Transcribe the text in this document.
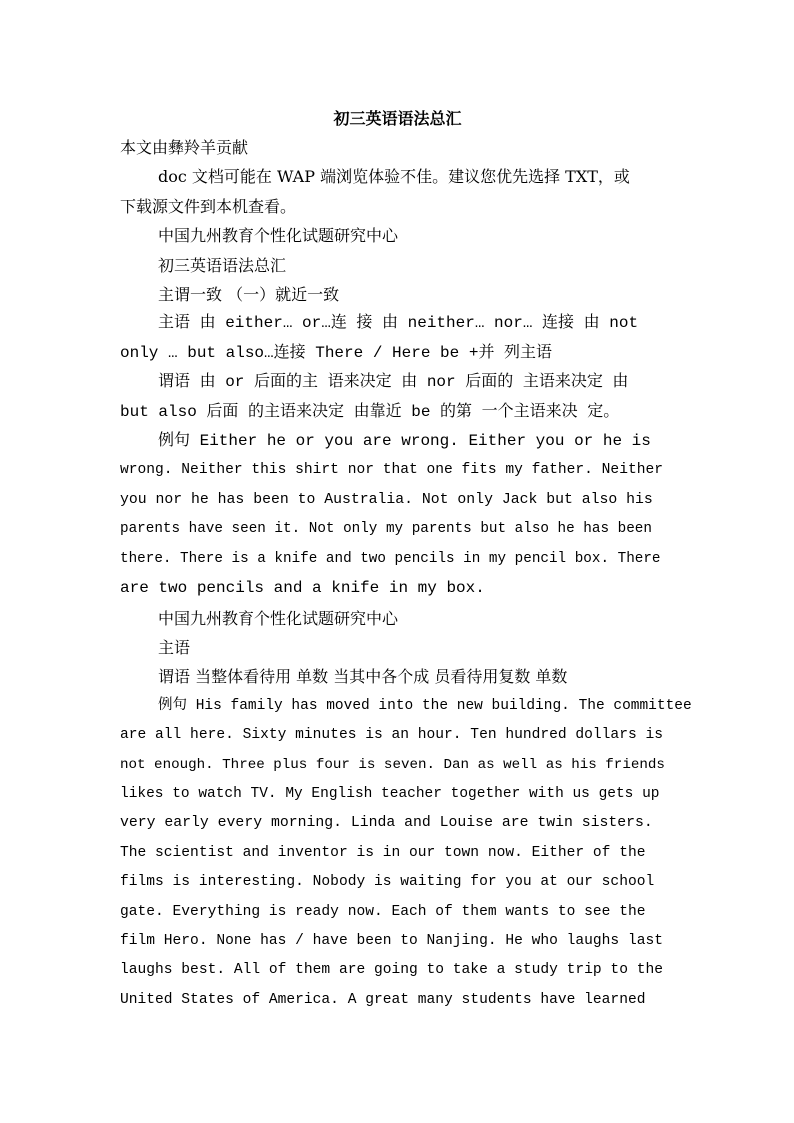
初三英语语法总汇
本文由彝羚羊贡献
doc 文档可能在 WAP 端浏览体验不佳。建议您优先选择 TXT，或
下载源文件到本机查看。
中国九州教育个性化试题研究中心
初三英语语法总汇
主谓一致 （一）就近一致
主语 由 either… or…连 接 由 neither… nor… 连接 由 not
only … but also…连接 There / Here be +并 列主语
谓语 由 or 后面的主 语来决定 由 nor 后面的 主语来决定 由
but also 后面 的主语来决定 由靠近 be 的第 一个主语来决 定。
例句 Either he or you are wrong. Either you or he is
wrong. Neither this shirt nor that one fits my father. Neither
you nor he has been to Australia. Not only Jack but also his
parents have seen it. Not only my parents but also he has been
there. There is a knife and two pencils in my pencil box. There
are two pencils and a knife in my box.
中国九州教育个性化试题研究中心
主语
谓语 当整体看待用 单数 当其中各个成 员看待用复数 单数
例句 His family has moved into the new building. The committee
are all here. Sixty minutes is an hour. Ten hundred dollars is
not enough. Three plus four is seven. Dan as well as his friends
likes to watch TV. My English teacher together with us gets up
very early every morning. Linda and Louise are twin sisters.
The scientist and inventor is in our town now. Either of the
films is interesting. Nobody is waiting for you at our school
gate. Everything is ready now. Each of them wants to see the
film Hero. None has / have been to Nanjing. He who laughs last
laughs best. All of them are going to take a study trip to the
United States of America. A great many students have learned
